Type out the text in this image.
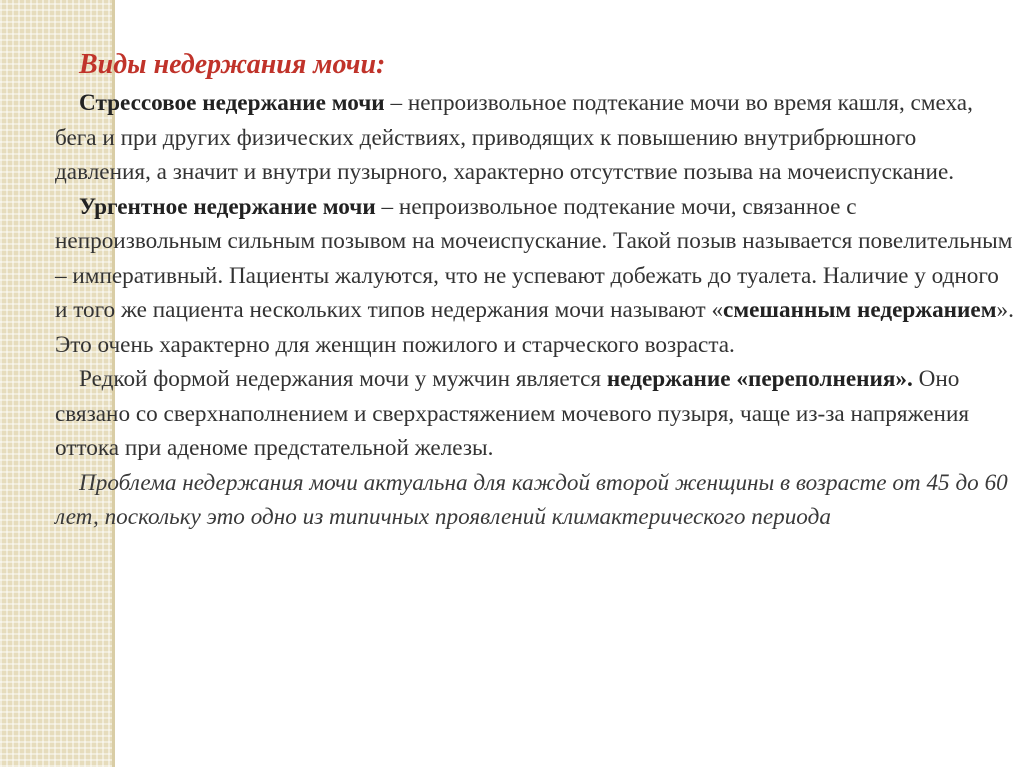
Виды недержания мочи:

Стрессовое недержание мочи – непроизвольное подтекание мочи во время кашля, смеха, бега и при других физических действиях, приводящих к повышению внутрибрюшного давления, а значит и внутри пузырного, характерно отсутствие позыва на мочеиспускание.

Ургентное недержание мочи – непроизвольное подтекание мочи, связанное с непроизвольным сильным позывом на мочеиспускание. Такой позыв называется повелительным – императивный. Пациенты жалуются, что не успевают добежать до туалета. Наличие у одного и того же пациента нескольких типов недержания мочи называют «смешанным недержанием». Это очень характерно для женщин пожилого и старческого возраста.

Редкой формой недержания мочи у мужчин является недержание «переполнения». Оно связано со сверхнаполнением и сверхрастяжением мочевого пузыря, чаще из-за напряжения оттока при аденоме предстательной железы.

Проблема недержания мочи актуальна для каждой второй женщины в возрасте от 45 до 60 лет, поскольку это одно из типичных проявлений климактерического периода
